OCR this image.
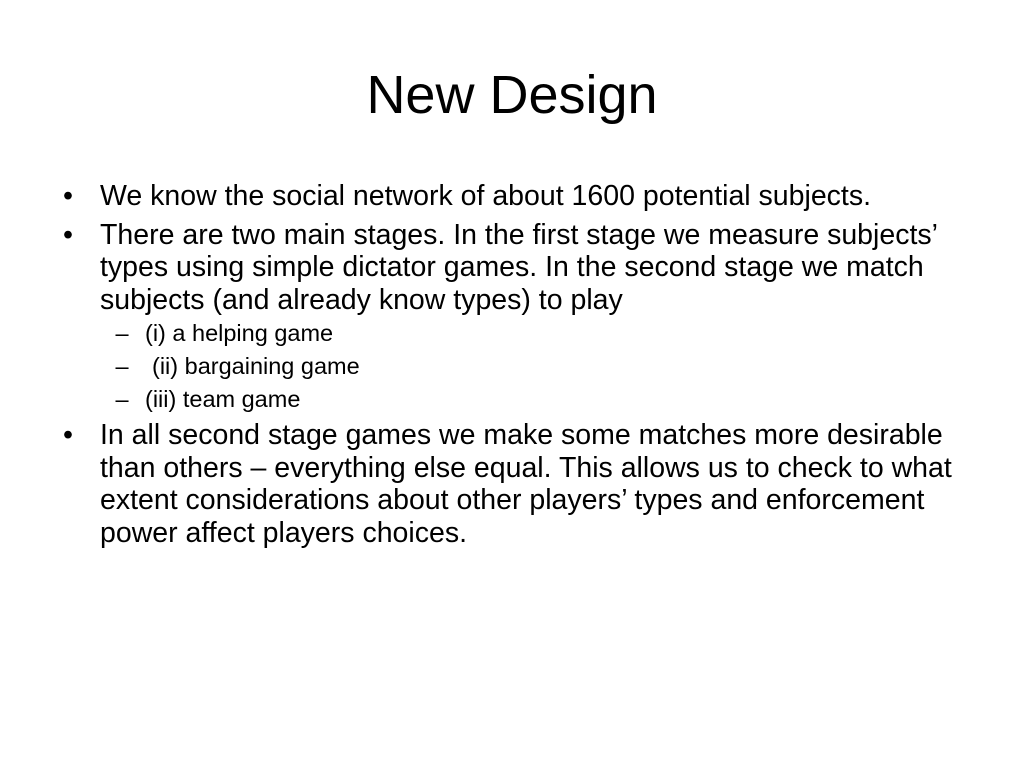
New Design
• We know the social network of about 1600 potential subjects.
• There are two main stages. In the first stage we measure subjects’ types using simple dictator games. In the second stage we match subjects (and already know types) to play
– (i) a helping game
– (ii) bargaining game
– (iii) team game
• In all second stage games we make some matches more desirable than others – everything else equal. This allows us to check to what extent considerations about other players’ types and enforcement power affect players choices.
